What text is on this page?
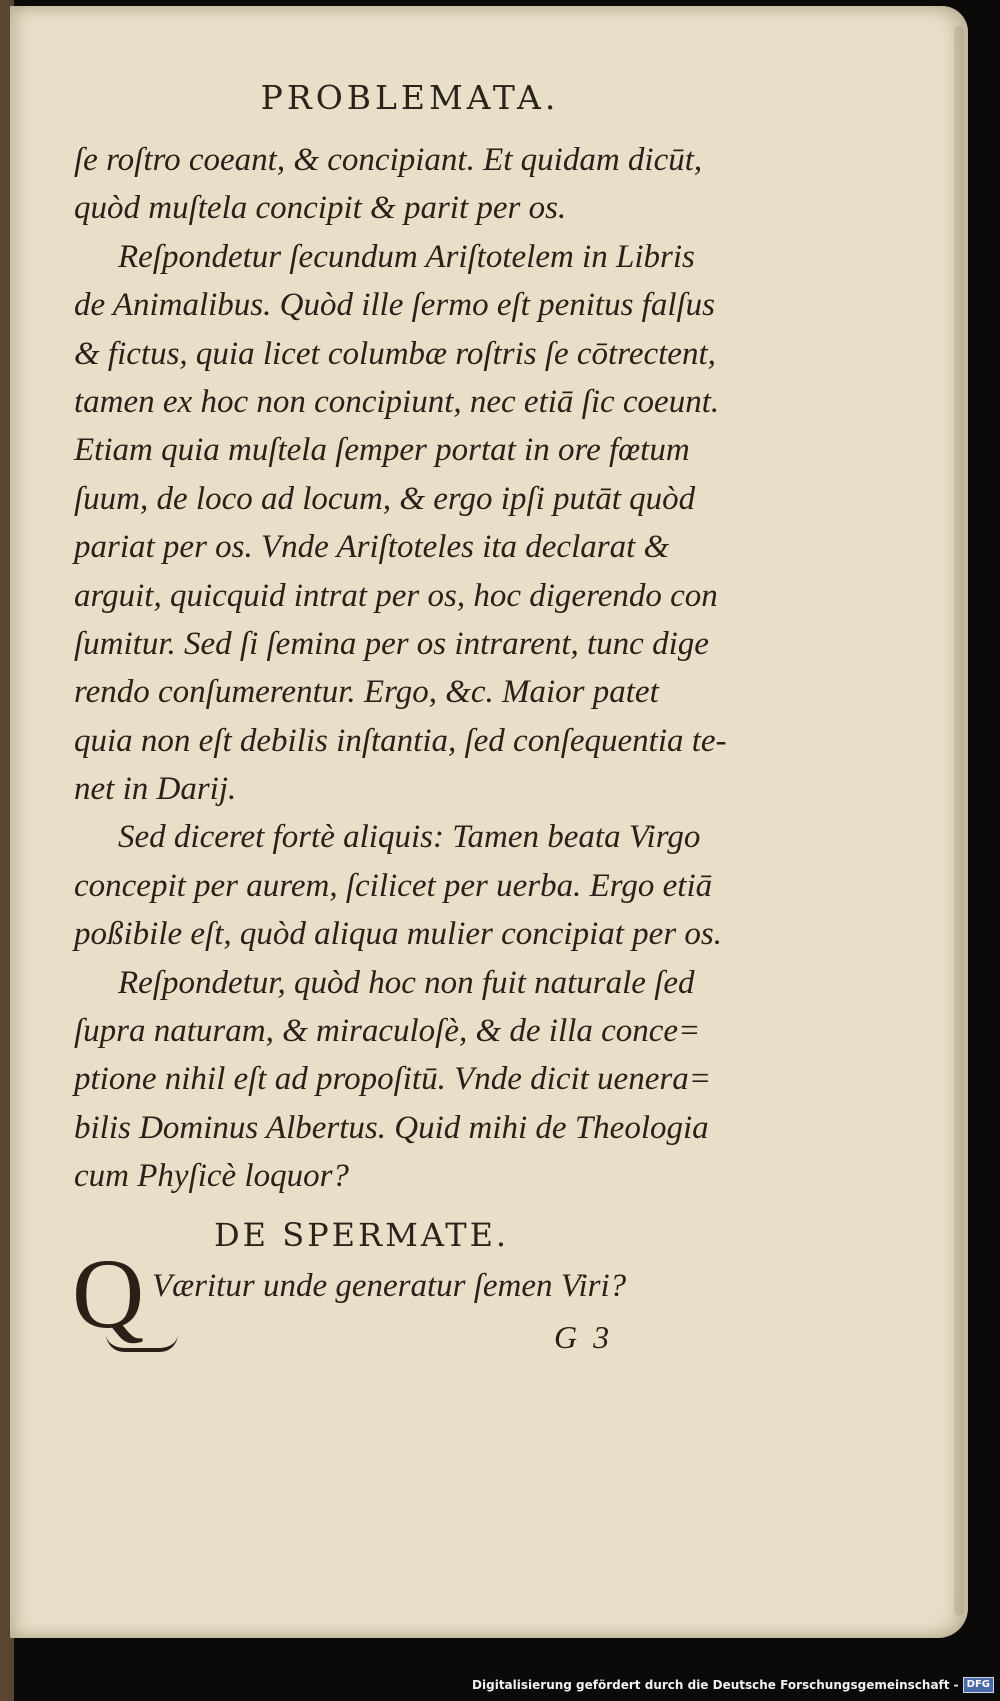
PROBLEMATA.
ſe roſtro coeant, & concipiant. Et quidam dicūt,
quòd muſtela concipit & parit per os.
Reſpondetur ſecundum Ariſtotelem in Libris
de Animalibus. Quòd ille ſermo eſt penitus falſus
& fictus, quia licet columbæ roſtris ſe cōtrectent,
tamen ex hoc non concipiunt, nec etiā ſic coeunt.
Etiam quia muſtela ſemper portat in ore fœtum
ſuum, de loco ad locum, & ergo ipſi putāt quòd
pariat per os. Vnde Ariſtoteles ita declarat &
arguit, quicquid intrat per os, hoc digerendo con
ſumitur. Sed ſi ſemina per os intrarent, tunc dige
rendo conſumerentur. Ergo, &c. Maior patet
quia non eſt debilis inſtantia, ſed conſequentia te-
net in Darij.
Sed diceret fortè aliquis: Tamen beata Virgo
concepit per aurem, ſcilicet per uerba. Ergo etiā
poßibile eſt, quòd aliqua mulier concipiat per os.
Reſpondetur, quòd hoc non fuit naturale ſed
ſupra naturam, & miraculoſè, & de illa conce=
ptione nihil eſt ad propoſitū. Vnde dicit uenera=
bilis Dominus Albertus. Quid mihi de Theologia
cum Phyſicè loquor?
DE SPERMATE.
Q Væritur unde generatur ſemen Viri?
G 3
Digitalisierung gefördert durch die Deutsche Forschungsgemeinschaft - DFG
